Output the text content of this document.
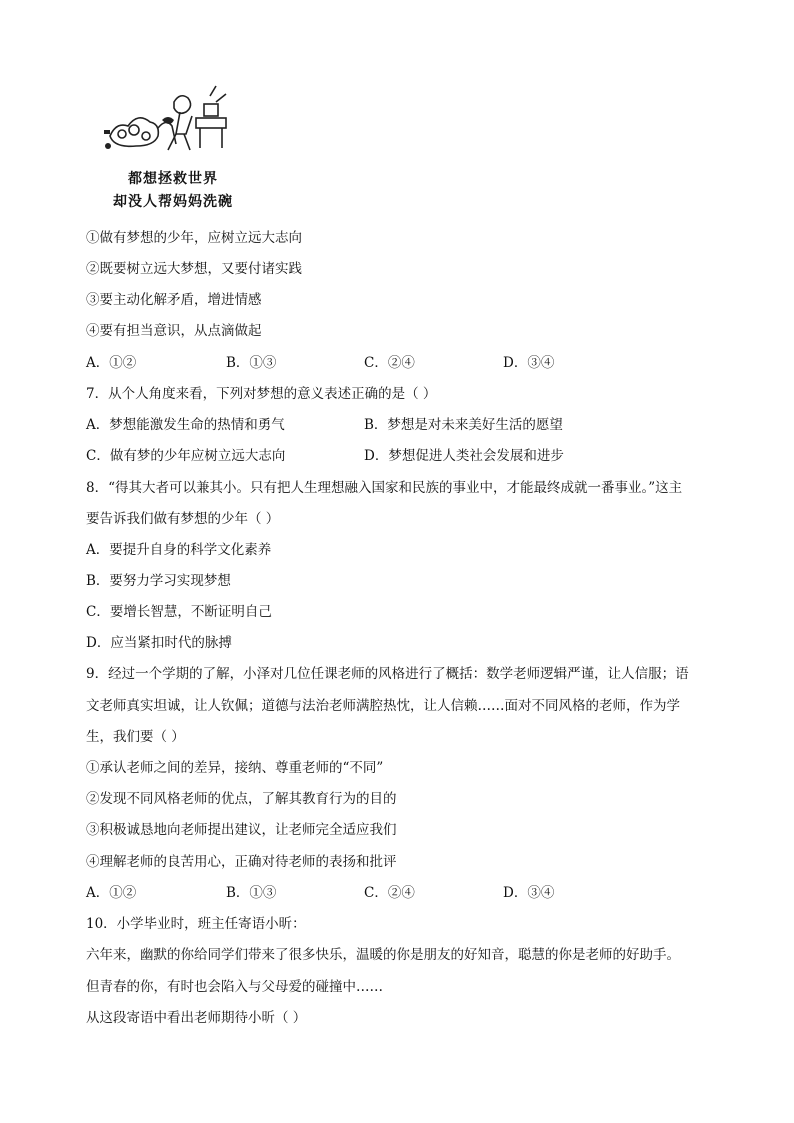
都想拯救世界
却没人帮妈妈洗碗
①做有梦想的少年，应树立远大志向
②既要树立远大梦想，又要付诸实践
③要主动化解矛盾，增进情感
④要有担当意识，从点滴做起
A．①②	B．①③	C．②④	D．③④
7．从个人角度来看，下列对梦想的意义表述正确的是（ ）
A．梦想能激发生命的热情和勇气	B．梦想是对未来美好生活的愿望
C．做有梦的少年应树立远大志向	D．梦想促进人类社会发展和进步
8．“得其大者可以兼其小。只有把人生理想融入国家和民族的事业中，才能最终成就一番事业。”这主
要告诉我们做有梦想的少年（ ）
A．要提升自身的科学文化素养
B．要努力学习实现梦想
C．要增长智慧，不断证明自己
D．应当紧扣时代的脉搏
9．经过一个学期的了解，小泽对几位任课老师的风格进行了概括：数学老师逻辑严谨，让人信服；语
文老师真实坦诚，让人钦佩；道德与法治老师满腔热忱，让人信赖……面对不同风格的老师，作为学
生，我们要（ ）
①承认老师之间的差异，接纳、尊重老师的“不同”
②发现不同风格老师的优点，了解其教育行为的目的
③积极诚恳地向老师提出建议，让老师完全适应我们
④理解老师的良苦用心，正确对待老师的表扬和批评
A．①②	B．①③	C．②④	D．③④
10．小学毕业时，班主任寄语小昕：
六年来，幽默的你给同学们带来了很多快乐，温暖的你是朋友的好知音，聪慧的你是老师的好助手。
但青春的你，有时也会陷入与父母爱的碰撞中……
从这段寄语中看出老师期待小昕（ ）
